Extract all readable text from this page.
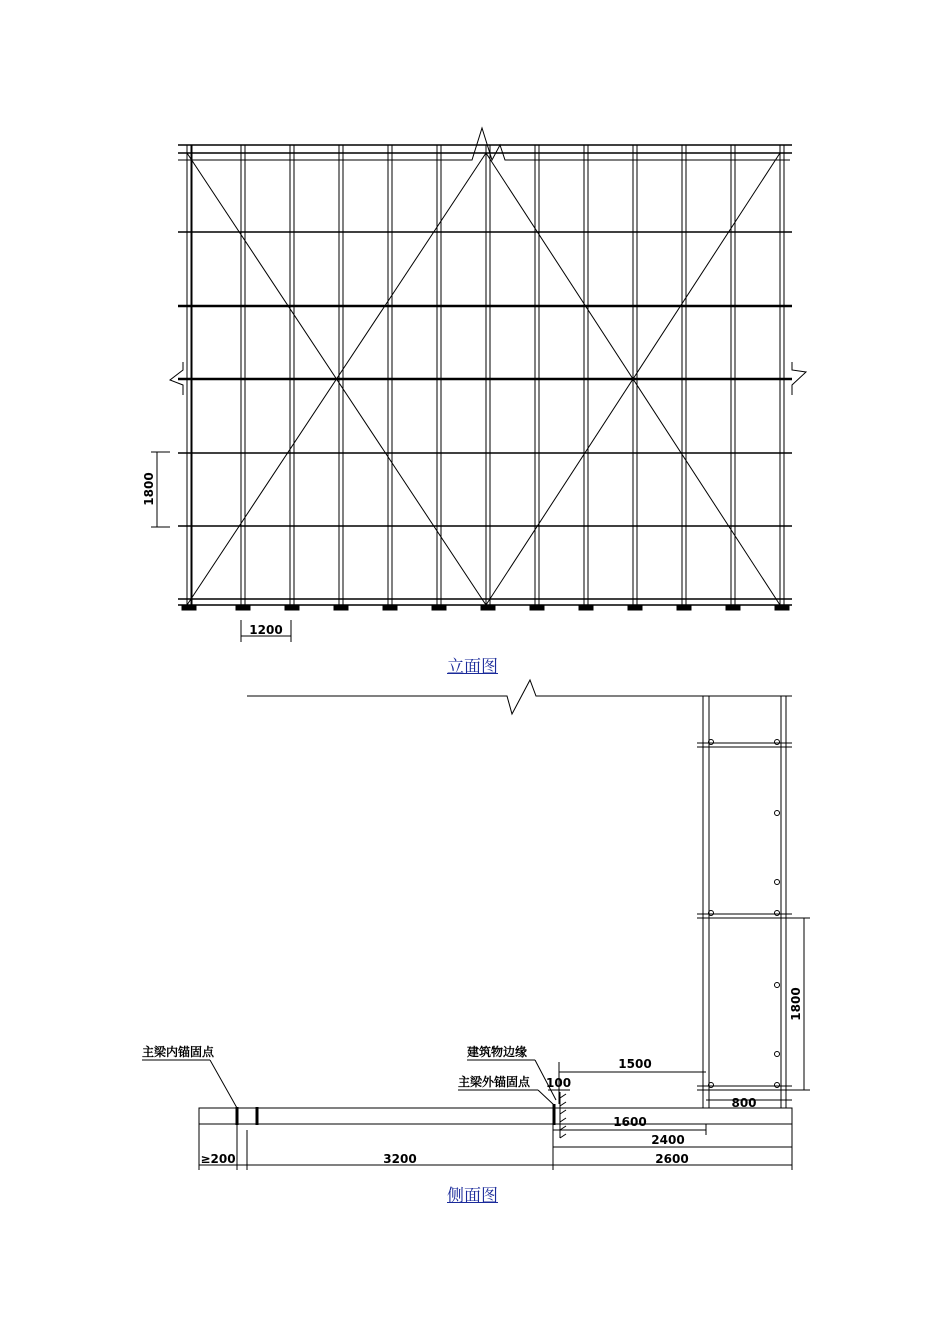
1800
1200
主梁内锚固点	建筑物边缘
主梁外锚固点 100
1500
800
1600
2400
≥200	3200	2600
1800
立面图
侧面图
